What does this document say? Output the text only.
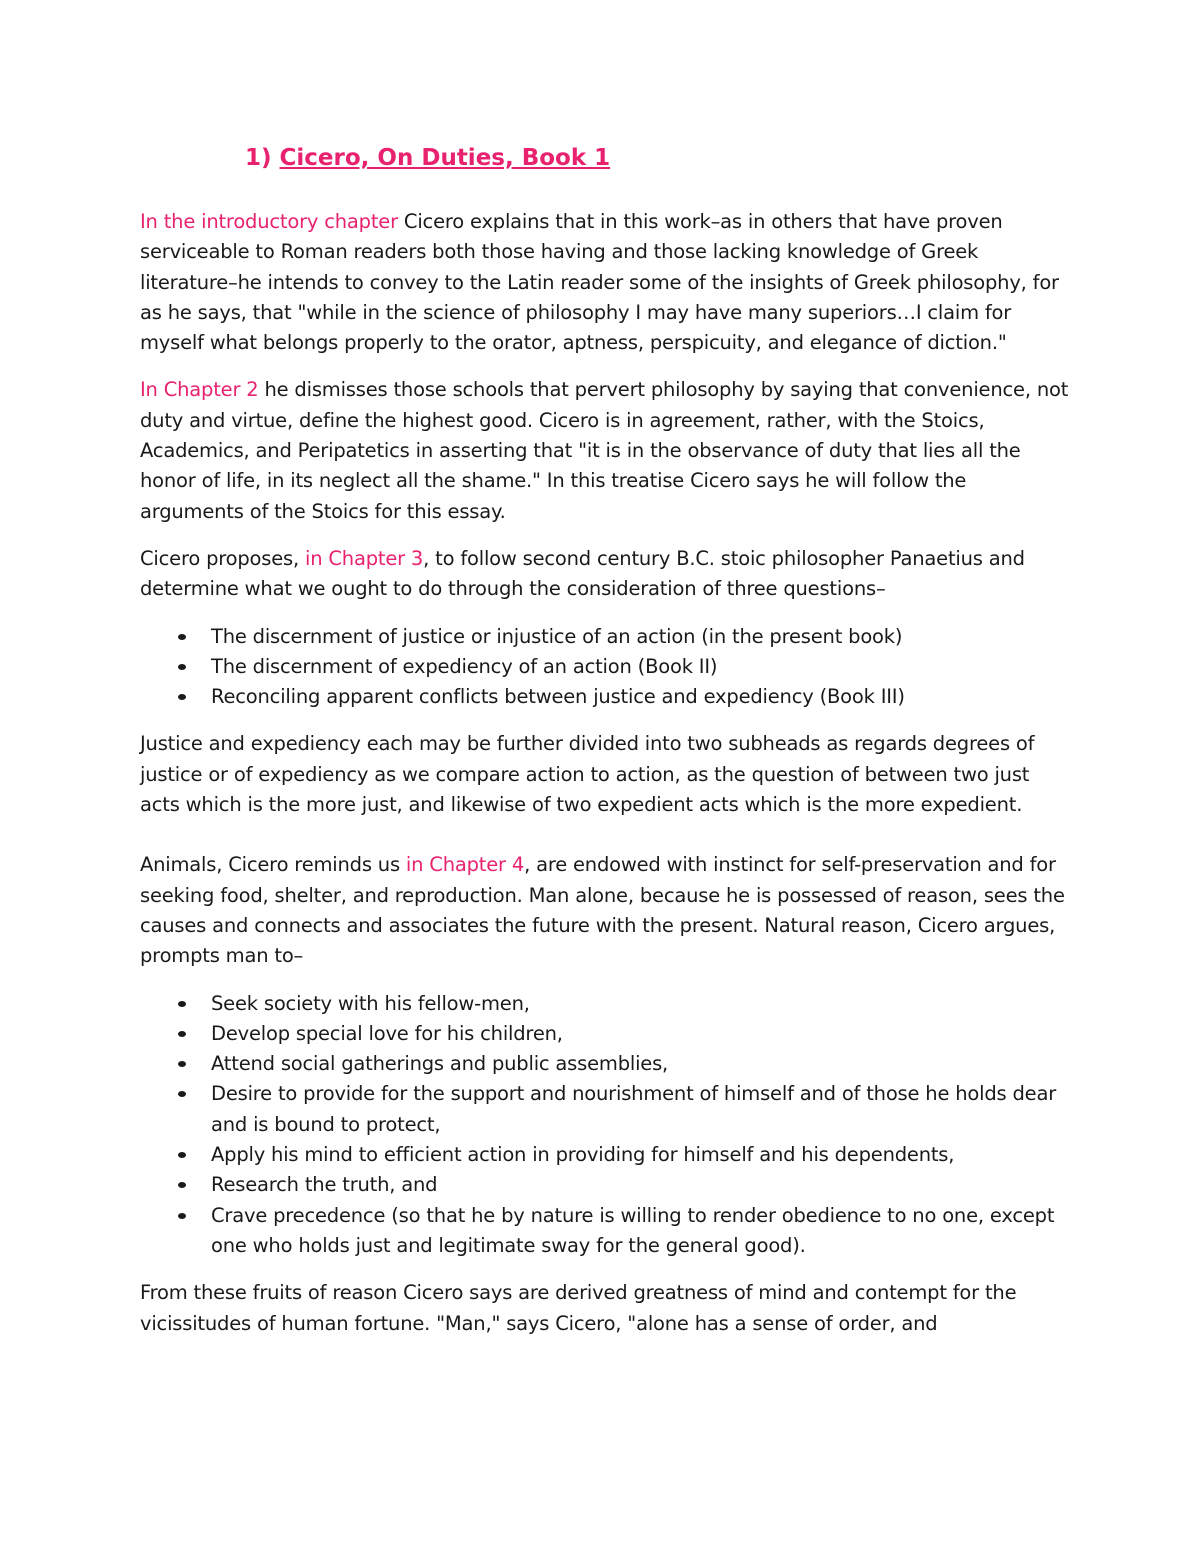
1) Cicero, On Duties, Book 1

In the introductory chapter Cicero explains that in this work–as in others that have proven serviceable to Roman readers both those having and those lacking knowledge of Greek literature–he intends to convey to the Latin reader some of the insights of Greek philosophy, for as he says, that "while in the science of philosophy I may have many superiors…I claim for myself what belongs properly to the orator, aptness, perspicuity, and elegance of diction."

In Chapter 2 he dismisses those schools that pervert philosophy by saying that convenience, not duty and virtue, define the highest good. Cicero is in agreement, rather, with the Stoics, Academics, and Peripatetics in asserting that "it is in the observance of duty that lies all the honor of life, in its neglect all the shame." In this treatise Cicero says he will follow the arguments of the Stoics for this essay.

Cicero proposes, in Chapter 3, to follow second century B.C. stoic philosopher Panaetius and determine what we ought to do through the consideration of three questions–

The discernment of justice or injustice of an action (in the present book)
The discernment of expediency of an action (Book II)
Reconciling apparent conflicts between justice and expediency (Book III)

Justice and expediency each may be further divided into two subheads as regards degrees of justice or of expediency as we compare action to action, as the question of between two just acts which is the more just, and likewise of two expedient acts which is the more expedient.

Animals, Cicero reminds us in Chapter 4, are endowed with instinct for self-preservation and for seeking food, shelter, and reproduction. Man alone, because he is possessed of reason, sees the causes and connects and associates the future with the present. Natural reason, Cicero argues, prompts man to–

Seek society with his fellow-men,
Develop special love for his children,
Attend social gatherings and public assemblies,
Desire to provide for the support and nourishment of himself and of those he holds dear and is bound to protect,
Apply his mind to efficient action in providing for himself and his dependents,
Research the truth, and
Crave precedence (so that he by nature is willing to render obedience to no one, except one who holds just and legitimate sway for the general good).

From these fruits of reason Cicero says are derived greatness of mind and contempt for the vicissitudes of human fortune. "Man," says Cicero, "alone has a sense of order, and
